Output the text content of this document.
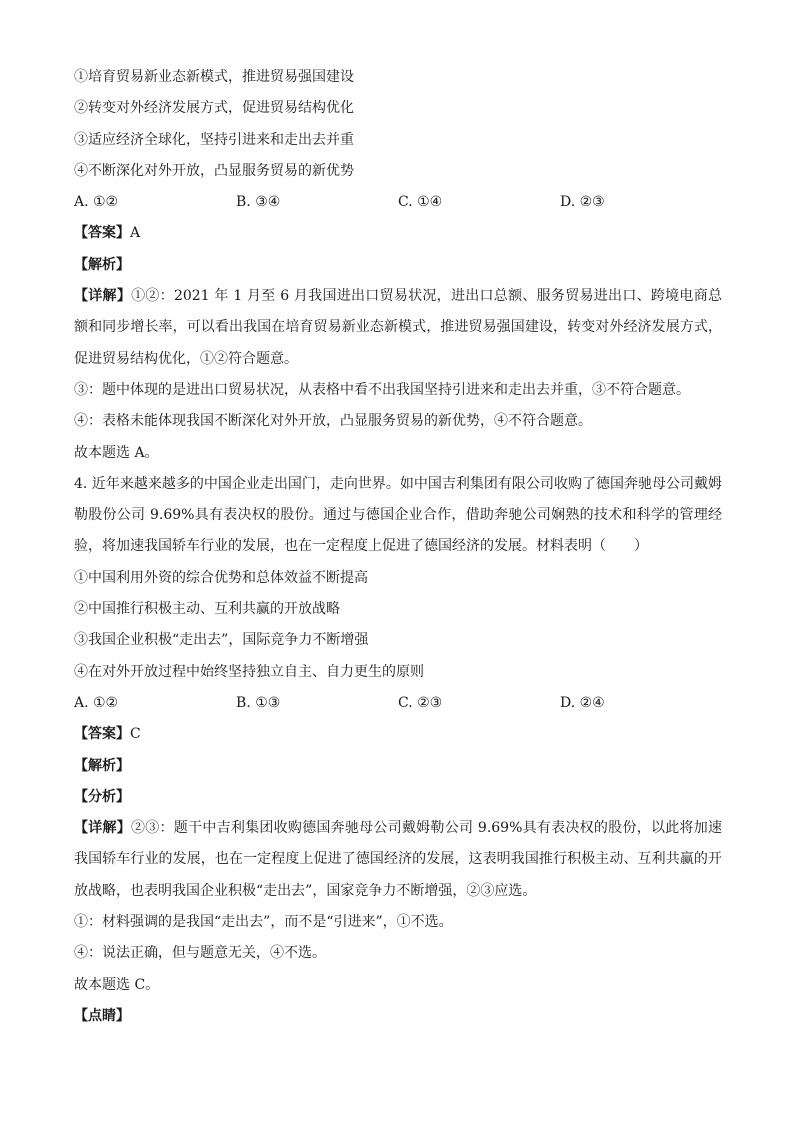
①培育贸易新业态新模式，推进贸易强国建设
②转变对外经济发展方式，促进贸易结构优化
③适应经济全球化，坚持引进来和走出去并重
④不断深化对外开放，凸显服务贸易的新优势
A. ①②	B. ③④	C. ①④	D. ②③
【答案】A
【解析】
【详解】①②：2021 年 1 月至 6 月我国进出口贸易状况，进出口总额、服务贸易进出口、跨境电商总额和同步增长率，可以看出我国在培育贸易新业态新模式，推进贸易强国建设，转变对外经济发展方式，促进贸易结构优化，①②符合题意。
③：题中体现的是进出口贸易状况，从表格中看不出我国坚持引进来和走出去并重，③不符合题意。
④：表格未能体现我国不断深化对外开放，凸显服务贸易的新优势，④不符合题意。
故本题选 A。
4. 近年来越来越多的中国企业走出国门，走向世界。如中国吉利集团有限公司收购了德国奔驰母公司戴姆勒股份公司 9.69%具有表决权的股份。通过与德国企业合作，借助奔驰公司娴熟的技术和科学的管理经验，将加速我国轿车行业的发展，也在一定程度上促进了德国经济的发展。材料表明（　　）
①中国利用外资的综合优势和总体效益不断提高
②中国推行积极主动、互利共赢的开放战略
③我国企业积极“走出去”，国际竞争力不断增强
④在对外开放过程中始终坚持独立自主、自力更生的原则
A. ①②	B. ①③	C. ②③	D. ②④
【答案】C
【解析】
【分析】
【详解】②③：题干中吉利集团收购德国奔驰母公司戴姆勒公司 9.69%具有表决权的股份，以此将加速我国轿车行业的发展，也在一定程度上促进了德国经济的发展，这表明我国推行积极主动、互利共赢的开放战略，也表明我国企业积极“走出去”，国家竞争力不断增强，②③应选。
①：材料强调的是我国“走出去”，而不是“引进来”，①不选。
④：说法正确，但与题意无关，④不选。
故本题选 C。
【点睛】
